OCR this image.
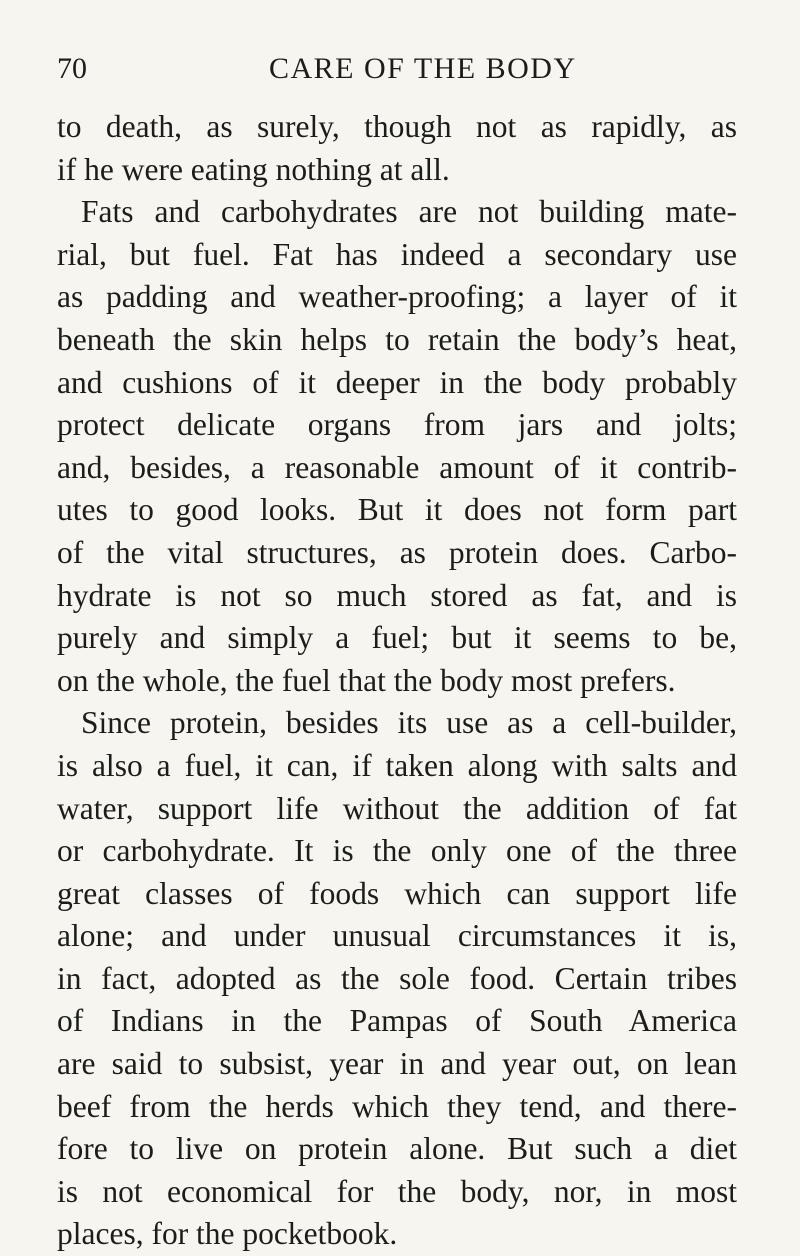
70	CARE OF THE BODY
to death, as surely, though not as rapidly, as
if he were eating nothing at all.
Fats and carbohydrates are not building mate-
rial, but fuel. Fat has indeed a secondary use
as padding and weather-proofing; a layer of it
beneath the skin helps to retain the body’s heat,
and cushions of it deeper in the body probably
protect delicate organs from jars and jolts;
and, besides, a reasonable amount of it contrib-
utes to good looks. But it does not form part
of the vital structures, as protein does. Carbo-
hydrate is not so much stored as fat, and is
purely and simply a fuel; but it seems to be,
on the whole, the fuel that the body most prefers.
Since protein, besides its use as a cell-builder,
is also a fuel, it can, if taken along with salts and
water, support life without the addition of fat
or carbohydrate. It is the only one of the three
great classes of foods which can support life
alone; and under unusual circumstances it is,
in fact, adopted as the sole food. Certain tribes
of Indians in the Pampas of South America
are said to subsist, year in and year out, on lean
beef from the herds which they tend, and there-
fore to live on protein alone. But such a diet
is not economical for the body, nor, in most
places, for the pocketbook.
